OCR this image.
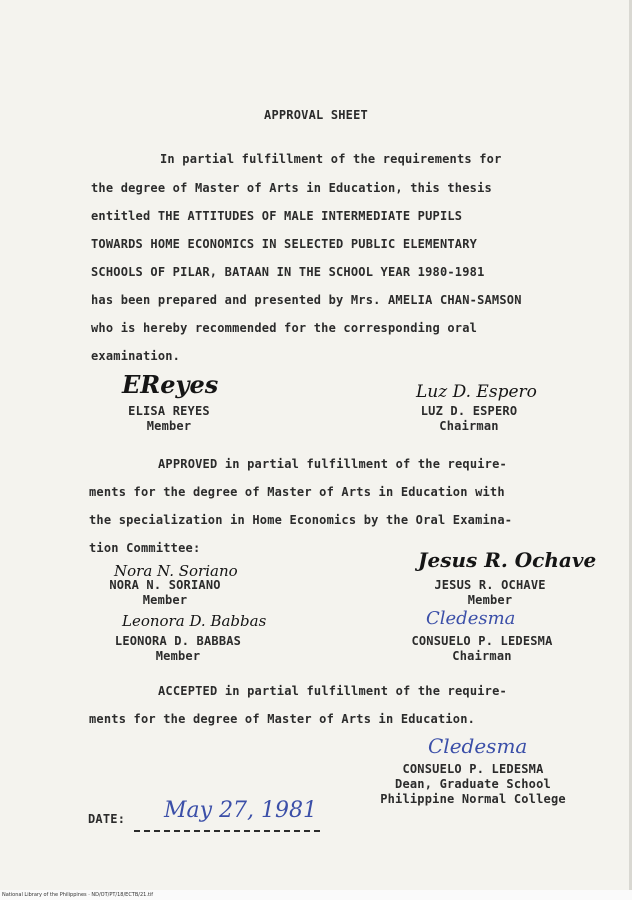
APPROVAL SHEET
In partial fulfillment of the requirements for
the degree of Master of Arts in Education, this thesis
entitled THE ATTITUDES OF MALE INTERMEDIATE PUPILS
TOWARDS HOME ECONOMICS IN SELECTED PUBLIC ELEMENTARY
SCHOOLS OF PILAR, BATAAN IN THE SCHOOL YEAR 1980-1981
has been prepared and presented by Mrs. AMELIA CHAN-SAMSON
who is hereby recommended for the corresponding oral
examination.
EReyes
ELISA REYES
Member
Luz D. Espero
LUZ D. ESPERO
Chairman
APPROVED in partial fulfillment of the require-
ments for the degree of Master of Arts in Education with
the specialization in Home Economics by the Oral Examina-
tion Committee:
Nora N. Soriano
NORA N. SORIANO
Member
Jesus R. Ochave
JESUS R. OCHAVE
Member
Leonora D. Babbas
LEONORA D. BABBAS
Member
Cledesma
CONSUELO P. LEDESMA
Chairman
ACCEPTED in partial fulfillment of the require-
ments for the degree of Master of Arts in Education.
Cledesma
CONSUELO P. LEDESMA
Dean, Graduate School
Philippine Normal College
DATE: May 27, 1981
National Library of the Philippines · ND/OT/PT/18/ECTB/21.tif
